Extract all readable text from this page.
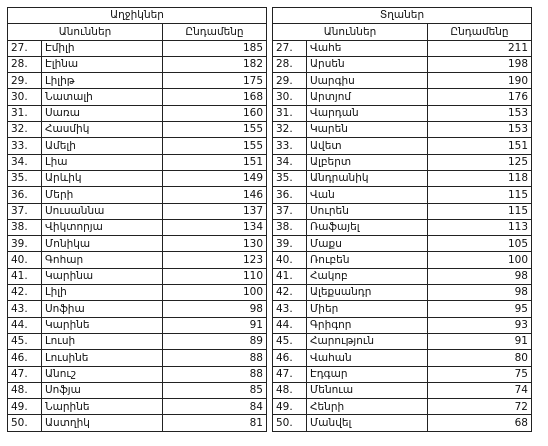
Աղջիկներ				Տղաներ		
Անուններ		Ընդամենը		Անուններ		Ընդամենը
27.	Էմիլի	185		27.	Վահե	211
28.	Էլինա	182		28.	Արսեն	198
29.	Լիլիթ	175		29.	Սարգիս	190
30.	Նատալի	168		30.	Արտյոմ	176
31.	Սառա	160		31.	Վարդան	153
32.	Հասմիկ	155		32.	Կարեն	153
33.	Ամելի	155		33.	Ավետ	151
34.	Լիա	151		34.	Ալբերտ	125
35.	Արևիկ	149		35.	Անդրանիկ	118
36.	Մերի	146		36.	Վան	115
37.	Սուսաննա	137		37.	Սուրեն	115
38.	Վիկտորյա	134		38.	Ռաֆայել	113
39.	Մոնիկա	130		39.	Մաքս	105
40.	Գոհար	123		40.	Ռուբեն	100
41.	Կարինա	110		41.	Հակոբ	98
42.	Լիլի	100		42.	Ալեքսանդր	98
43.	Սոֆիա	98		43.	Միեր	95
44.	Կարինե	91		44.	Գրիգոր	93
45.	Լուսի	89		45.	Հարություն	91
46.	Լուսինե	88		46.	Վահան	80
47.	Անուշ	88		47.	Էդգար	75
48.	Սոֆյա	85		48.	Մենուա	74
49.	Նարինե	84		49.	Հենրի	72
50.	Աստղիկ	81		50.	Մանվել	68
